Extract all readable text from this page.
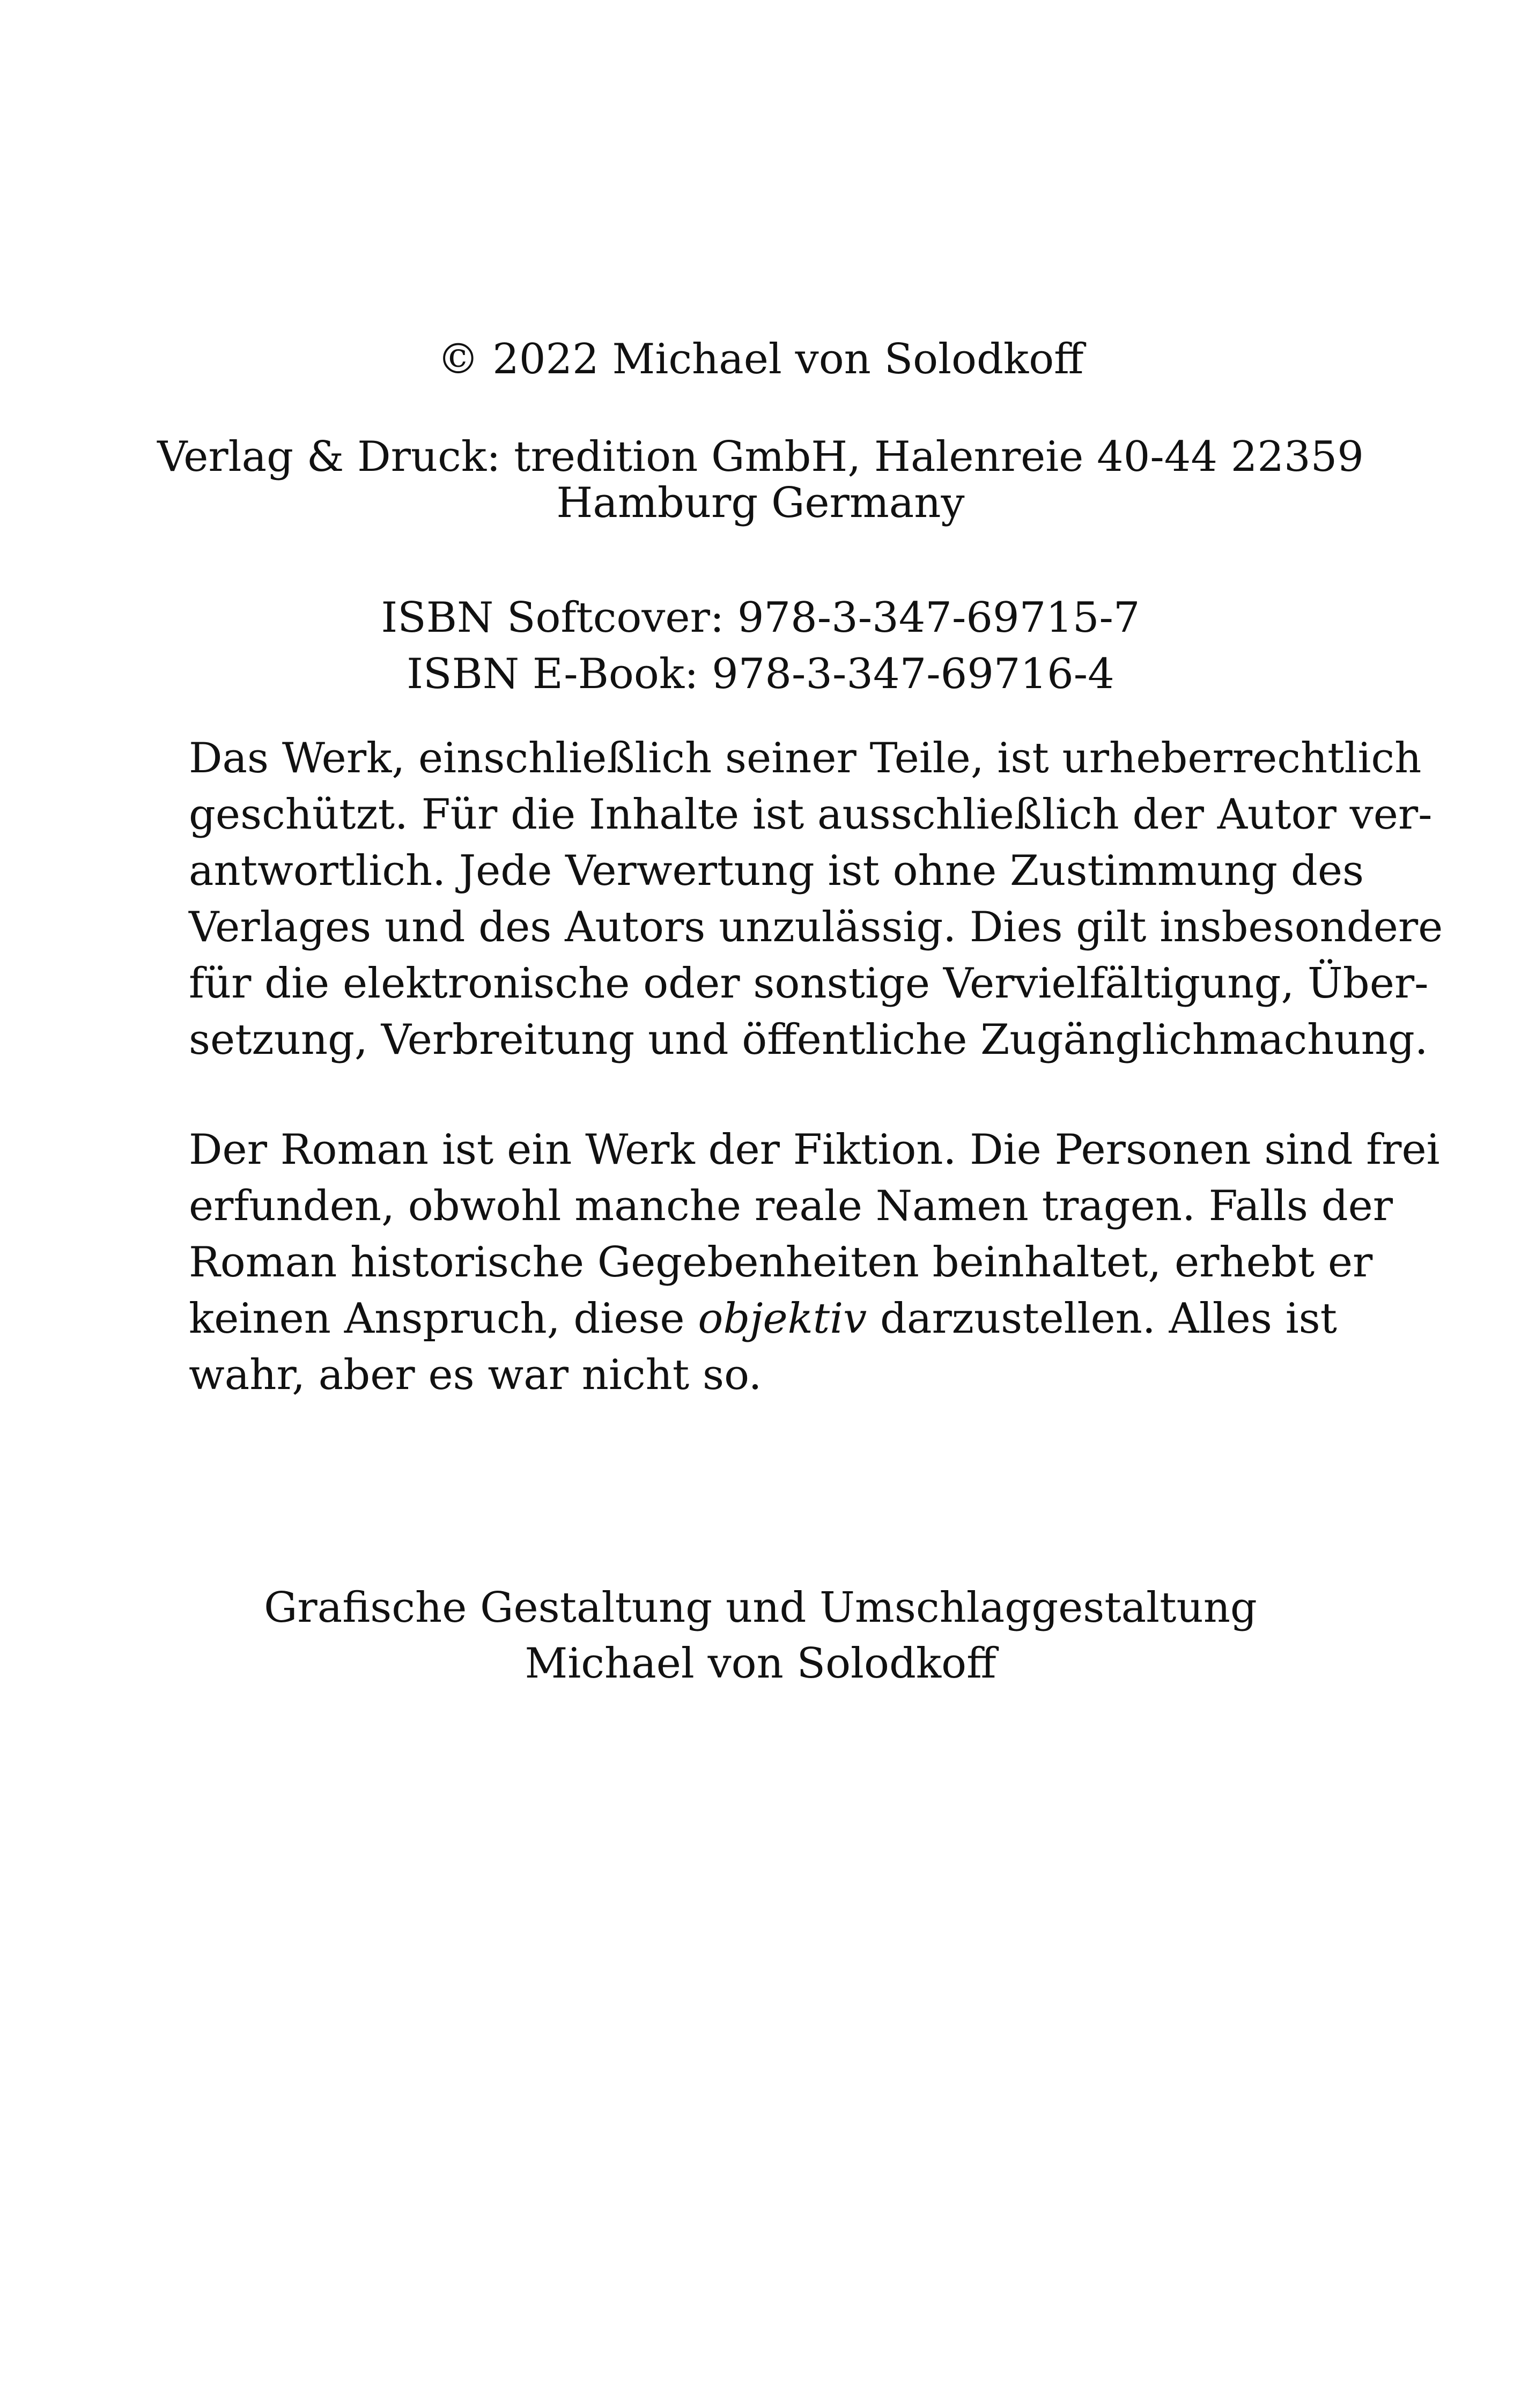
© 2022 Michael von Solodkoff
Verlag & Druck: tredition GmbH, Halenreie 40-44 22359
Hamburg Germany
ISBN Softcover: 978-3-347-69715-7
ISBN E-Book: 978-3-347-69716-4
Das Werk, einschließlich seiner Teile, ist urheberrechtlich
geschützt. Für die Inhalte ist ausschließlich der Autor ver-
antwortlich. Jede Verwertung ist ohne Zustimmung des
Verlages und des Autors unzulässig. Dies gilt insbesondere
für die elektronische oder sonstige Vervielfältigung, Über-
setzung, Verbreitung und öffentliche Zugänglichmachung.
Der Roman ist ein Werk der Fiktion. Die Personen sind frei
erfunden, obwohl manche reale Namen tragen. Falls der
Roman historische Gegebenheiten beinhaltet, erhebt er
keinen Anspruch, diese objektiv darzustellen. Alles ist
wahr, aber es war nicht so.
Grafische Gestaltung und Umschlaggestaltung
Michael von Solodkoff
